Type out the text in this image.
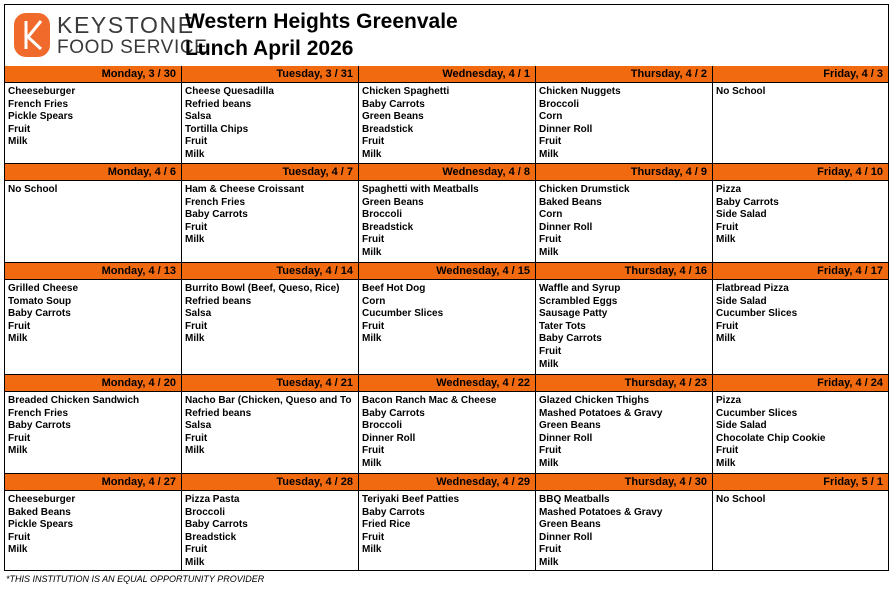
KEYSTONE
FOOD SERVICE
Western Heights Greenvale
Lunch April 2026
Monday, 3 / 30
Cheeseburger
French Fries
Pickle Spears
Fruit
Milk
Tuesday, 3 / 31
Cheese Quesadilla
Refried beans
Salsa
Tortilla Chips
Fruit
Milk
Wednesday, 4 / 1
Chicken Spaghetti
Baby Carrots
Green Beans
Breadstick
Fruit
Milk
Thursday, 4 / 2
Chicken Nuggets
Broccoli
Corn
Dinner Roll
Fruit
Milk
Friday, 4 / 3
No School
Monday, 4 / 6
No School
Tuesday, 4 / 7
Ham & Cheese Croissant
French Fries
Baby Carrots
Fruit
Milk
Wednesday, 4 / 8
Spaghetti with Meatballs
Green Beans
Broccoli
Breadstick
Fruit
Milk
Thursday, 4 / 9
Chicken Drumstick
Baked Beans
Corn
Dinner Roll
Fruit
Milk
Friday, 4 / 10
Pizza
Baby Carrots
Side Salad
Fruit
Milk
Monday, 4 / 13
Grilled Cheese
Tomato Soup
Baby Carrots
Fruit
Milk
Tuesday, 4 / 14
Burrito Bowl (Beef, Queso, Rice)
Refried beans
Salsa
Fruit
Milk
Wednesday, 4 / 15
Beef Hot Dog
Corn
Cucumber Slices
Fruit
Milk
Thursday, 4 / 16
Waffle and Syrup
Scrambled Eggs
Sausage Patty
Tater Tots
Baby Carrots
Fruit
Milk
Friday, 4 / 17
Flatbread Pizza
Side Salad
Cucumber Slices
Fruit
Milk
Monday, 4 / 20
Breaded Chicken Sandwich
French Fries
Baby Carrots
Fruit
Milk
Tuesday, 4 / 21
Nacho Bar (Chicken, Queso and To
Refried beans
Salsa
Fruit
Milk
Wednesday, 4 / 22
Bacon Ranch Mac & Cheese
Baby Carrots
Broccoli
Dinner Roll
Fruit
Milk
Thursday, 4 / 23
Glazed Chicken Thighs
Mashed Potatoes & Gravy
Green Beans
Dinner Roll
Fruit
Milk
Friday, 4 / 24
Pizza
Cucumber Slices
Side Salad
Chocolate Chip Cookie
Fruit
Milk
Monday, 4 / 27
Cheeseburger
Baked Beans
Pickle Spears
Fruit
Milk
Tuesday, 4 / 28
Pizza Pasta
Broccoli
Baby Carrots
Breadstick
Fruit
Milk
Wednesday, 4 / 29
Teriyaki Beef Patties
Baby Carrots
Fried Rice
Fruit
Milk
Thursday, 4 / 30
BBQ Meatballs
Mashed Potatoes & Gravy
Green Beans
Dinner Roll
Fruit
Milk
Friday, 5 / 1
No School
*THIS INSTITUTION IS AN EQUAL OPPORTUNITY PROVIDER
